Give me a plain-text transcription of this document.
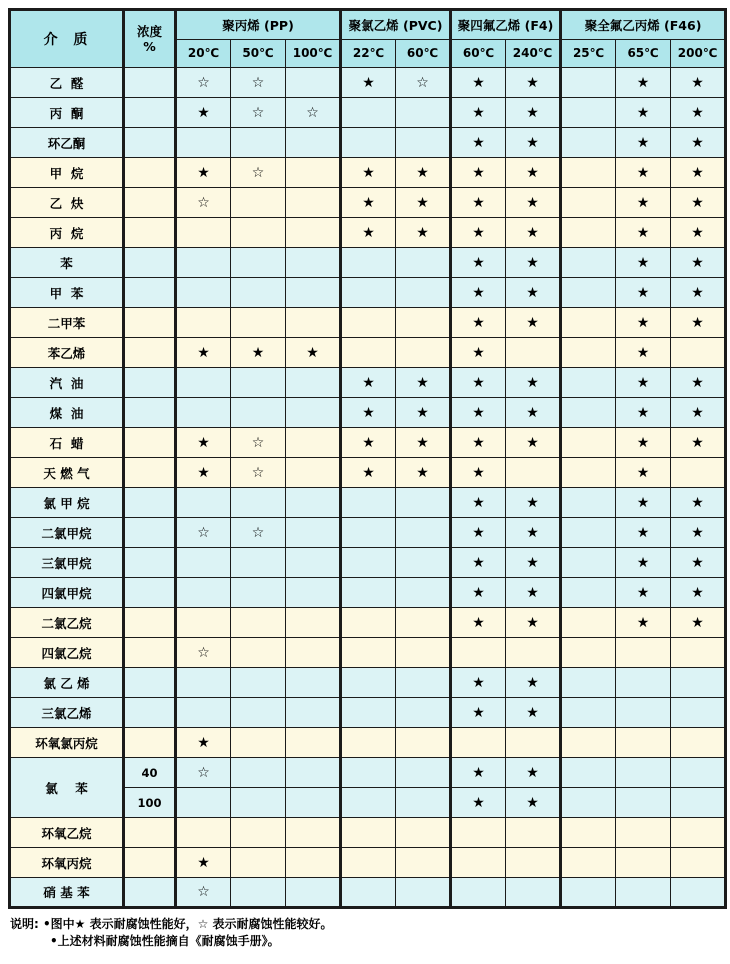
介  质	浓度
%	聚丙烯 (PP)			聚氯乙烯 (PVC)		聚四氟乙烯 (F4)		聚全氟乙丙烯 (F46)		
		20℃	50℃	100℃	22℃	60℃	60℃	240℃	25℃	65℃	200℃
乙  醛		☆	☆		★	☆	★	★		★	★
丙  酮		★	☆	☆			★	★		★	★
环乙酮							★	★		★	★
甲  烷		★	☆		★	★	★	★		★	★
乙  炔		☆			★	★	★	★		★	★
丙  烷					★	★	★	★		★	★
苯							★	★		★	★
甲  苯							★	★		★	★
二甲苯							★	★		★	★
苯乙烯		★	★	★			★			★	
汽  油					★	★	★	★		★	★
煤  油					★	★	★	★		★	★
石  蜡		★	☆		★	★	★	★		★	★
天 燃 气		★	☆		★	★	★			★	
氯 甲 烷							★	★		★	★
二氯甲烷		☆	☆				★	★		★	★
三氯甲烷							★	★		★	★
四氯甲烷							★	★		★	★
二氯乙烷							★	★		★	★
四氯乙烷		☆									
氯 乙 烯							★	★			
三氯乙烯							★	★			
环氧氯丙烷		★									
氯    苯	40	☆					★	★			
	100						★	★			
环氧乙烷											
环氧丙烷		★									
硝 基 苯		☆									
说明: •图中★ 表示耐腐蚀性能好，☆ 表示耐腐蚀性能较好。
•上述材料耐腐蚀性能摘自《耐腐蚀手册》。
